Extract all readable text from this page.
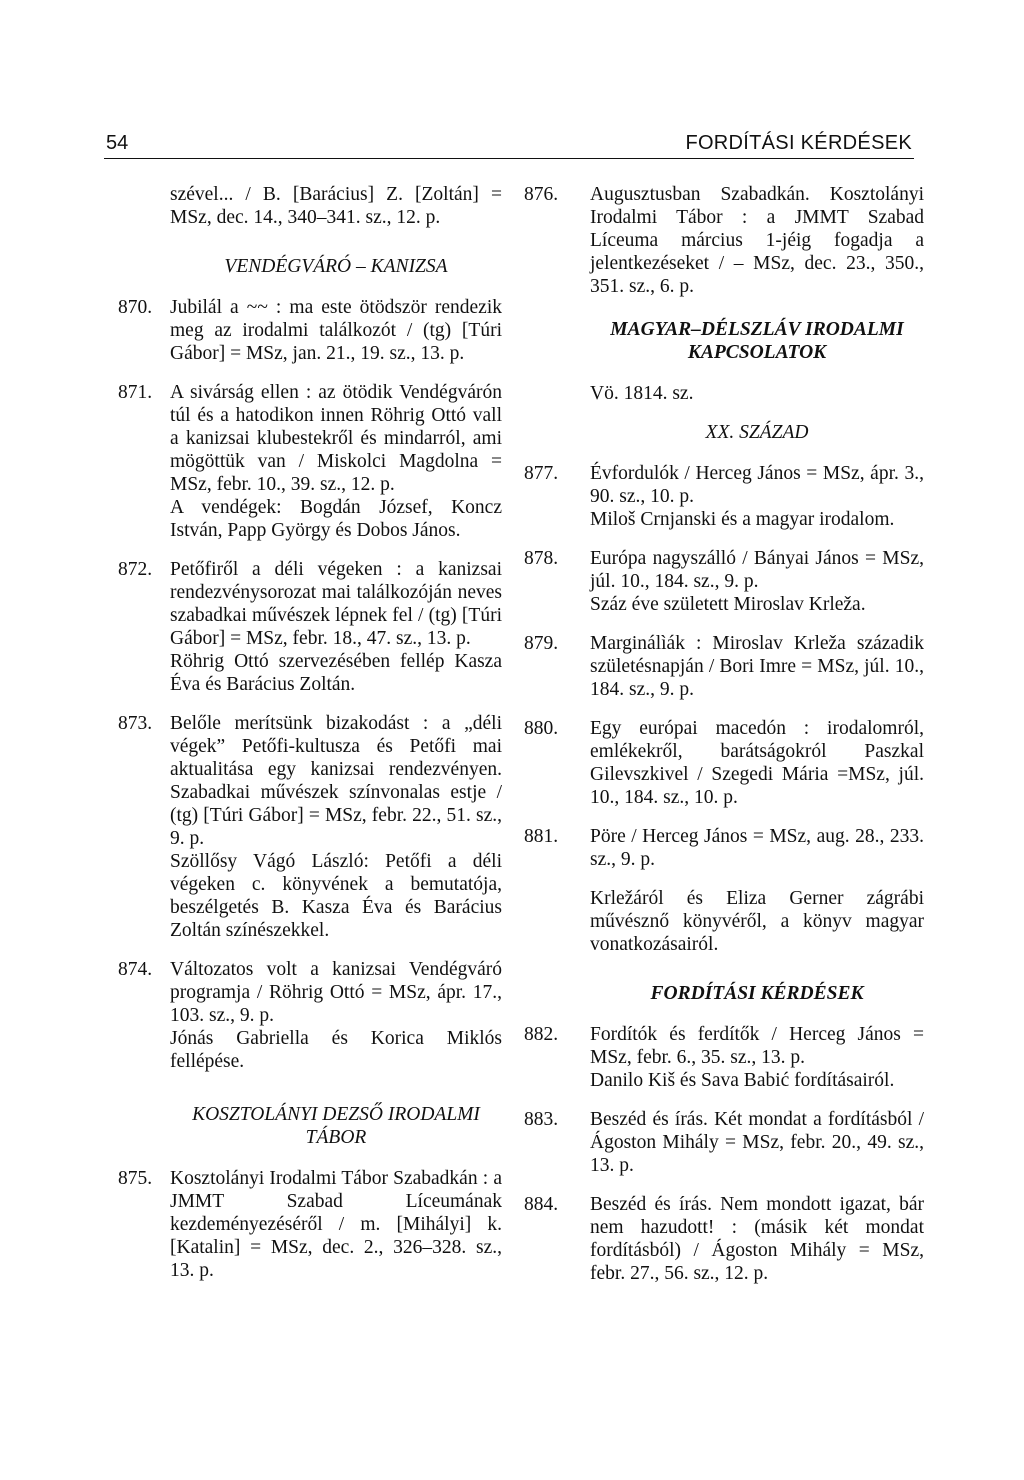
54	FORDÍTÁSI KÉRDÉSEK
szével... / B. [Barácius] Z. [Zoltán] = MSz, dec. 14., 340–341. sz., 12. p.
VENDÉGVÁRÓ – KANIZSA
870. Jubilál a ~~ : ma este ötödször rendezik meg az irodalmi találkozót / (tg) [Túri Gábor] = MSz, jan. 21., 19. sz., 13. p.
871. A sivárság ellen : az ötödik Vendégvárón túl és a hatodikon innen Röhrig Ottó vall a kanizsai klubestekről és mindarról, ami mögöttük van / Miskolci Magdolna = MSz, febr. 10., 39. sz., 12. p.
A vendégek: Bogdán József, Koncz István, Papp György és Dobos János.
872. Petőfiről a déli végeken : a kanizsai rendezvénysorozat mai találkozóján neves szabadkai művészek lépnek fel / (tg) [Túri Gábor] = MSz, febr. 18., 47. sz., 13. p.
Röhrig Ottó szervezésében fellép Kasza Éva és Barácius Zoltán.
873. Belőle merítsünk bizakodást : a „déli végek” Petőfi-kultusza és Petőfi mai aktualitása egy kanizsai rendezvényen. Szabadkai művészek színvonalas estje / (tg) [Túri Gábor] = MSz, febr. 22., 51. sz., 9. p.
Szöllősy Vágó László: Petőfi a déli végeken c. könyvének a bemutatója, beszélgetés B. Kasza Éva és Barácius Zoltán színészekkel.
874. Változatos volt a kanizsai Vendégváró programja / Röhrig Ottó = MSz, ápr. 17., 103. sz., 9. p.
Jónás Gabriella és Korica Miklós fellépése.
KOSZTOLÁNYI DEZSŐ IRODALMI TÁBOR
875. Kosztolányi Irodalmi Tábor Szabadkán : a JMMT Szabad Líceumának kezdeményezéséről / m. [Mihályi] k. [Katalin] = MSz, dec. 2., 326–328. sz., 13. p.
876. Augusztusban Szabadkán. Kosztolányi Irodalmi Tábor : a JMMT Szabad Líceuma március 1-jéig fogadja a jelentkezéseket / – MSz, dec. 23., 350., 351. sz., 6. p.
MAGYAR–DÉLSZLÁV IRODALMI KAPCSOLATOK
Vö. 1814. sz.
XX. SZÁZAD
877. Évfordulók / Herceg János = MSz, ápr. 3., 90. sz., 10. p.
Miloš Crnjanski és a magyar irodalom.
878. Európa nagyszálló / Bányai János = MSz, júl. 10., 184. sz., 9. p.
Száz éve született Miroslav Krleža.
879. Marginálìák : Miroslav Krleža századik születésnapján / Bori Imre = MSz, júl. 10., 184. sz., 9. p.
880. Egy európai macedón : irodalomról, emlékekről, barátságokról Paszkal Gilevszkivel / Szegedi Mária =MSz, júl. 10., 184. sz., 10. p.
881. Pöre / Herceg János = MSz, aug. 28., 233. sz., 9. p.
Krležáról és Eliza Gerner zágrábi művésznő könyvéről, a könyv magyar vonatkozásairól.
FORDÍTÁSI KÉRDÉSEK
882. Fordítók és ferdítők / Herceg János = MSz, febr. 6., 35. sz., 13. p.
Danilo Kiš és Sava Babić fordításairól.
883. Beszéd és írás. Két mondat a fordításból / Ágoston Mihály = MSz, febr. 20., 49. sz., 13. p.
884. Beszéd és írás. Nem mondott igazat, bár nem hazudott! : (másik két mondat fordításból) / Ágoston Mihály = MSz, febr. 27., 56. sz., 12. p.
